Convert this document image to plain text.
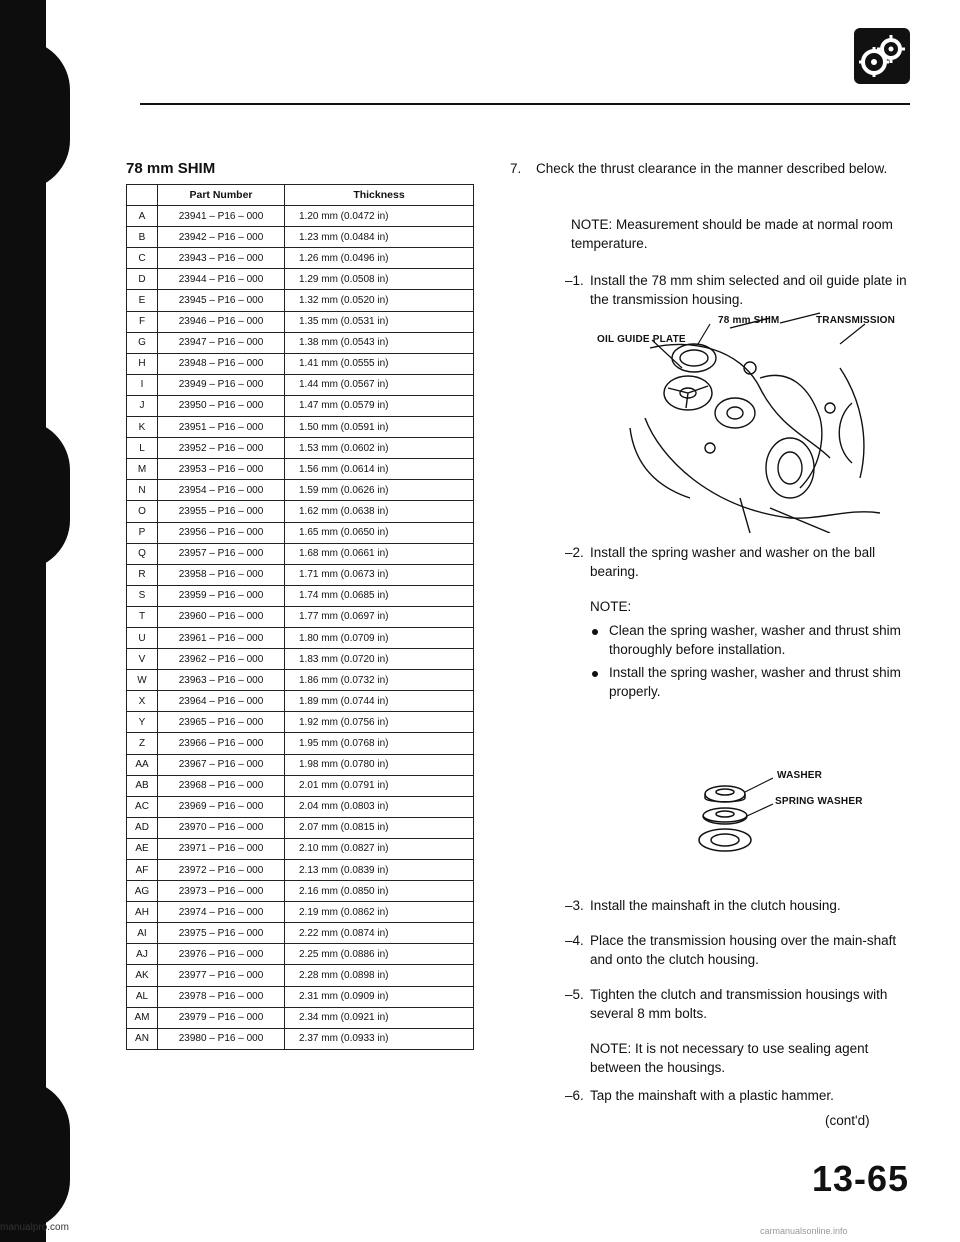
78 mm SHIM
	Part Number	Thickness
A	23941 – P16 – 000	1.20 mm (0.0472 in)
B	23942 – P16 – 000	1.23 mm (0.0484 in)
C	23943 – P16 – 000	1.26 mm (0.0496 in)
D	23944 – P16 – 000	1.29 mm (0.0508 in)
E	23945 – P16 – 000	1.32 mm (0.0520 in)
F	23946 – P16 – 000	1.35 mm (0.0531 in)
G	23947 – P16 – 000	1.38 mm (0.0543 in)
H	23948 – P16 – 000	1.41 mm (0.0555 in)
I	23949 – P16 – 000	1.44 mm (0.0567 in)
J	23950 – P16 – 000	1.47 mm (0.0579 in)
K	23951 – P16 – 000	1.50 mm (0.0591 in)
L	23952 – P16 – 000	1.53 mm (0.0602 in)
M	23953 – P16 – 000	1.56 mm (0.0614 in)
N	23954 – P16 – 000	1.59 mm (0.0626 in)
O	23955 – P16 – 000	1.62 mm (0.0638 in)
P	23956 – P16 – 000	1.65 mm (0.0650 in)
Q	23957 – P16 – 000	1.68 mm (0.0661 in)
R	23958 – P16 – 000	1.71 mm (0.0673 in)
S	23959 – P16 – 000	1.74 mm (0.0685 in)
T	23960 – P16 – 000	1.77 mm (0.0697 in)
U	23961 – P16 – 000	1.80 mm (0.0709 in)
V	23962 – P16 – 000	1.83 mm (0.0720 in)
W	23963 – P16 – 000	1.86 mm (0.0732 in)
X	23964 – P16 – 000	1.89 mm (0.0744 in)
Y	23965 – P16 – 000	1.92 mm (0.0756 in)
Z	23966 – P16 – 000	1.95 mm (0.0768 in)
AA	23967 – P16 – 000	1.98 mm (0.0780 in)
AB	23968 – P16 – 000	2.01 mm (0.0791 in)
AC	23969 – P16 – 000	2.04 mm (0.0803 in)
AD	23970 – P16 – 000	2.07 mm (0.0815 in)
AE	23971 – P16 – 000	2.10 mm (0.0827 in)
AF	23972 – P16 – 000	2.13 mm (0.0839 in)
AG	23973 – P16 – 000	2.16 mm (0.0850 in)
AH	23974 – P16 – 000	2.19 mm (0.0862 in)
AI	23975 – P16 – 000	2.22 mm (0.0874 in)
AJ	23976 – P16 – 000	2.25 mm (0.0886 in)
AK	23977 – P16 – 000	2.28 mm (0.0898 in)
AL	23978 – P16 – 000	2.31 mm (0.0909 in)
AM	23979 – P16 – 000	2.34 mm (0.0921 in)
AN	23980 – P16 – 000	2.37 mm (0.0933 in)
7. Check the thrust clearance in the manner described below.
NOTE: Measurement should be made at normal room temperature.
–1. Install the 78 mm shim selected and oil guide plate in the transmission housing.
78 mm SHIM	TRANSMISSION
OIL GUIDE PLATE
–2. Install the spring washer and washer on the ball bearing.
NOTE:
Clean the spring washer, washer and thrust shim thoroughly before installation.
Install the spring washer, washer and thrust shim properly.
WASHER
SPRING WASHER
–3. Install the mainshaft in the clutch housing.
–4. Place the transmission housing over the main-shaft and onto the clutch housing.
–5. Tighten the clutch and transmission housings with several 8 mm bolts.
NOTE: It is not necessary to use sealing agent between the housings.
–6. Tap the mainshaft with a plastic hammer.
(cont'd)
13-65
manualpro.com	carmanualsonline.info
